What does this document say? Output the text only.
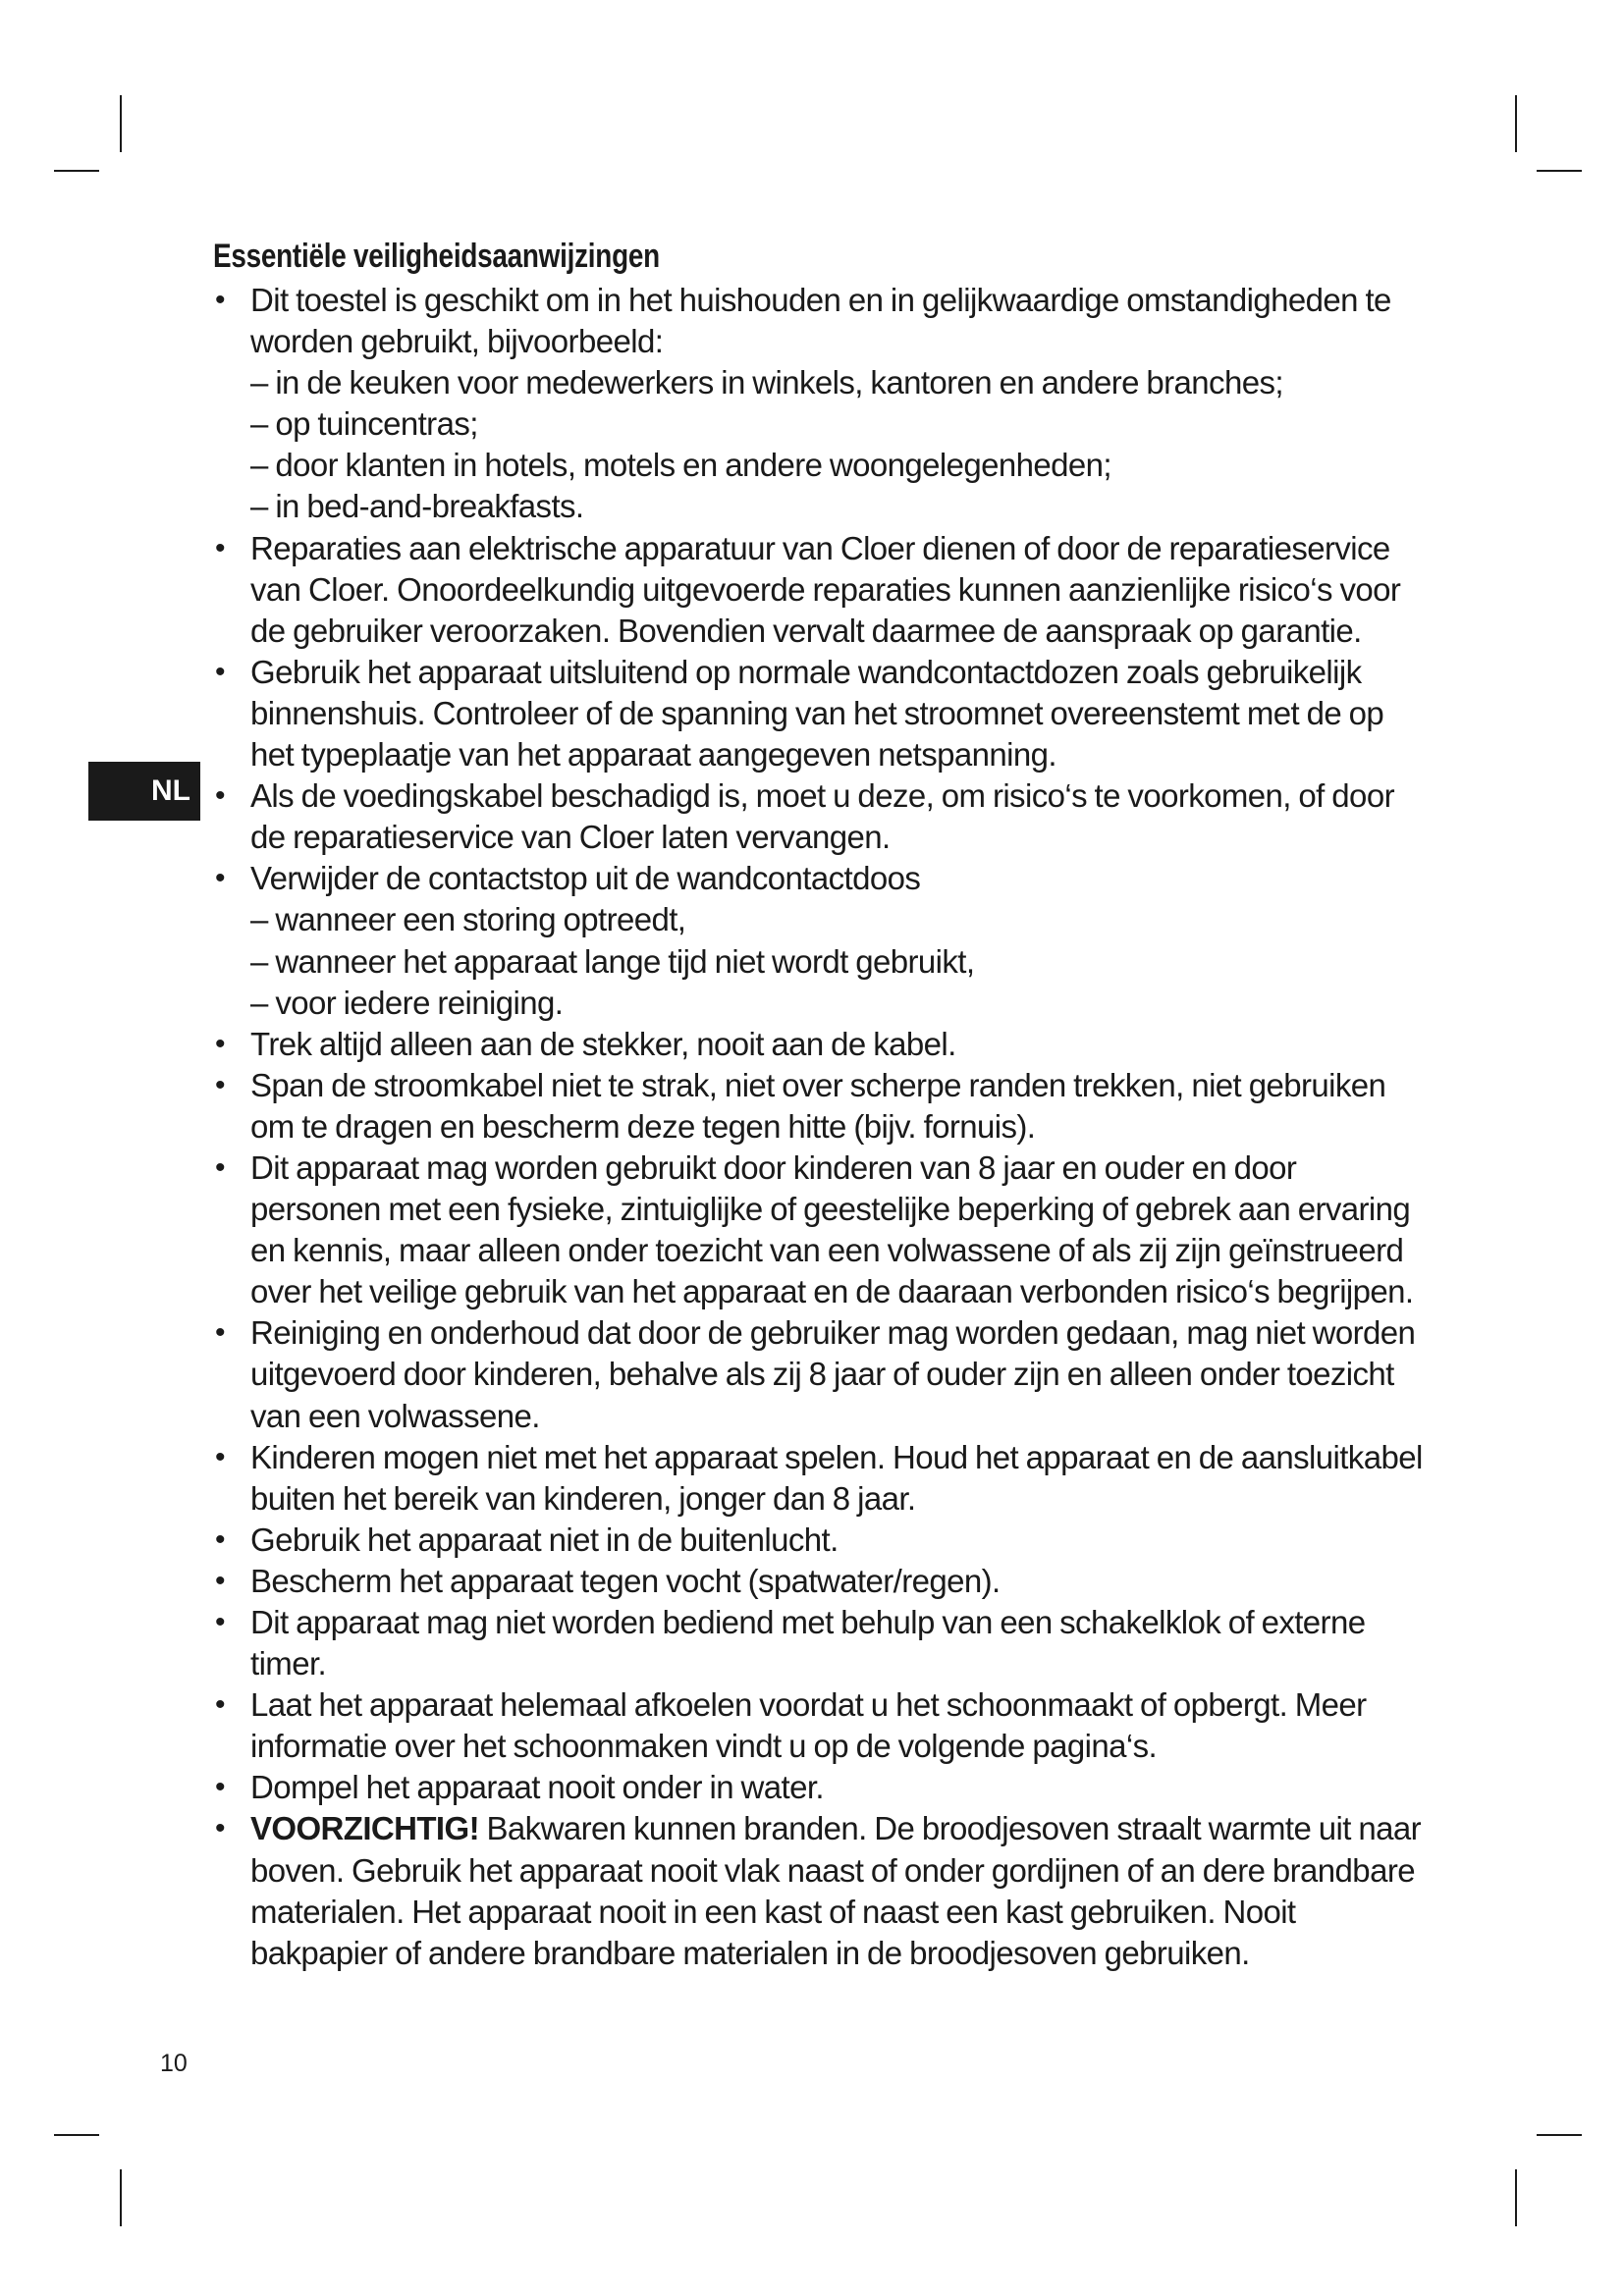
NL
Essentiële veiligheidsaanwijzingen
• Dit toestel is geschikt om in het huishouden en in gelijkwaardige omstandigheden te worden gebruikt, bijvoorbeeld:
– in de keuken voor medewerkers in winkels, kantoren en andere branches;
– op tuincentras;
– door klanten in hotels, motels en andere woongelegenheden;
– in bed-and-breakfasts.
• Reparaties aan elektrische apparatuur van Cloer dienen of door de reparatieservice van Cloer. Onoordeelkundig uitgevoerde reparaties kunnen aanzienlijke risico‘s voor de gebruiker veroorzaken. Bovendien vervalt daarmee de aanspraak op garantie.
• Gebruik het apparaat uitsluitend op normale wandcontactdozen zoals gebruikelijk binnenshuis. Controleer of de spanning van het stroomnet overeenstemt met de op het typeplaatje van het apparaat aangegeven netspanning.
• Als de voedingskabel beschadigd is, moet u deze, om risico‘s te voorkomen, of door de reparatieservice van Cloer laten vervangen.
• Verwijder de contactstop uit de wandcontactdoos
– wanneer een storing optreedt,
– wanneer het apparaat lange tijd niet wordt gebruikt,
– voor iedere reiniging.
• Trek altijd alleen aan de stekker, nooit aan de kabel.
• Span de stroomkabel niet te strak, niet over scherpe randen trekken, niet gebruiken om te dragen en bescherm deze tegen hitte (bijv. fornuis).
• Dit apparaat mag worden gebruikt door kinderen van 8 jaar en ouder en door personen met een fysieke, zintuiglijke of geestelijke beperking of gebrek aan ervaring en kennis, maar alleen onder toezicht van een volwassene of als zij zijn geïnstrueerd over het veilige gebruik van het apparaat en de daaraan verbonden risico‘s begrijpen.
• Reiniging en onderhoud dat door de gebruiker mag worden gedaan, mag niet worden uitgevoerd door kinderen, behalve als zij 8 jaar of ouder zijn en alleen onder toezicht van een volwassene.
• Kinderen mogen niet met het apparaat spelen. Houd het apparaat en de aansluitkabel buiten het bereik van kinderen, jonger dan 8 jaar.
• Gebruik het apparaat niet in de buitenlucht.
• Bescherm het apparaat tegen vocht (spatwater/regen).
• Dit apparaat mag niet worden bediend met behulp van een schakelklok of externe timer.
• Laat het apparaat helemaal afkoelen voordat u het schoonmaakt of opbergt. Meer informatie over het schoonmaken vindt u op de volgende pagina‘s.
• Dompel het apparaat nooit onder in water.
• VOORZICHTIG! Bakwaren kunnen branden. De broodjesoven straalt warmte uit naar boven. Gebruik het apparaat nooit vlak naast of onder gordijnen of an dere brandbare materialen. Het apparaat nooit in een kast of naast een kast gebruiken. Nooit bakpapier of andere brandbare materialen in de broodjesoven gebruiken.
10
